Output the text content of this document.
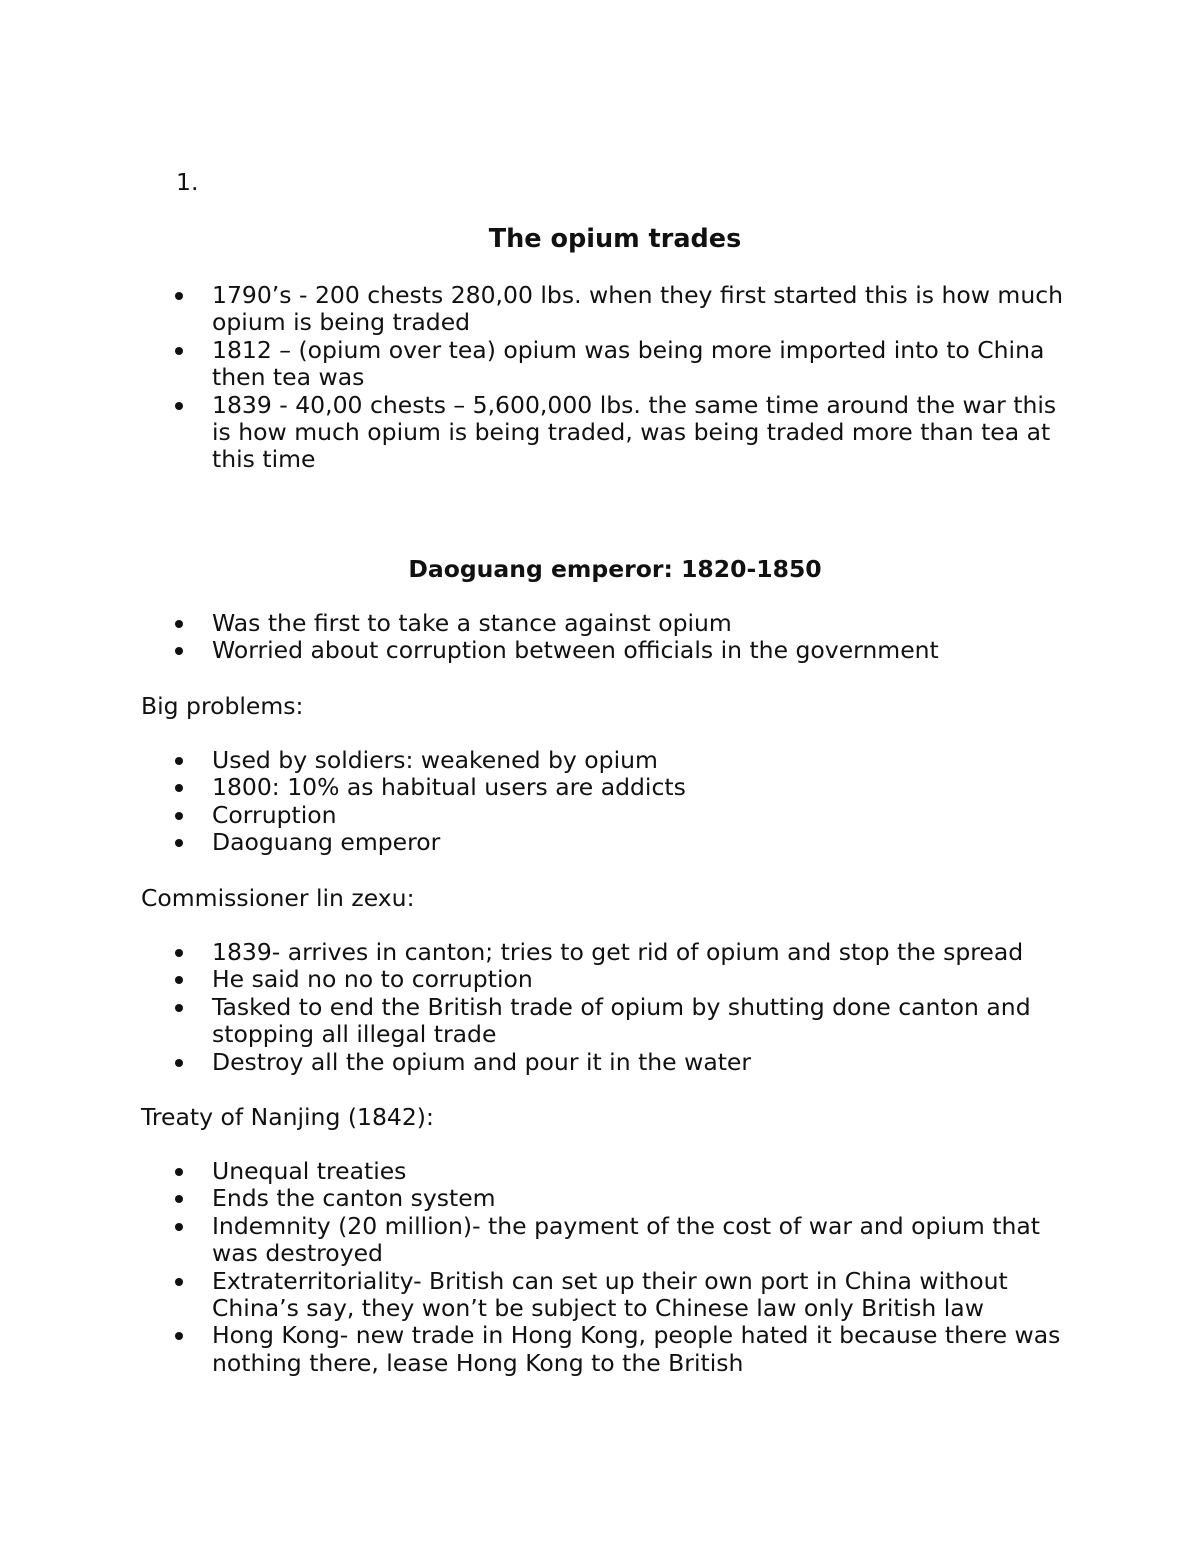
1.

The opium trades
1790’s - 200 chests 280,00 lbs. when they first started this is how much opium is being traded
1812 – (opium over tea) opium was being more imported into to China then tea was
1839 - 40,00 chests – 5,600,000 lbs. the same time around the war this is how much opium is being traded, was being traded more than tea at this time
Daoguang emperor: 1820-1850
Was the first to take a stance against opium
Worried about corruption between officials in the government

Big problems:

Used by soldiers: weakened by opium
1800: 10% as habitual users are addicts
Corruption
Daoguang emperor

Commissioner lin zexu:

1839- arrives in canton; tries to get rid of opium and stop the spread
He said no no to corruption
Tasked to end the British trade of opium by shutting done canton and stopping all illegal trade
Destroy all the opium and pour it in the water

Treaty of Nanjing (1842):

Unequal treaties
Ends the canton system
Indemnity (20 million)- the payment of the cost of war and opium that was destroyed
Extraterritoriality- British can set up their own port in China without China’s say, they won’t be subject to Chinese law only British law
Hong Kong- new trade in Hong Kong, people hated it because there was nothing there, lease Hong Kong to the British
